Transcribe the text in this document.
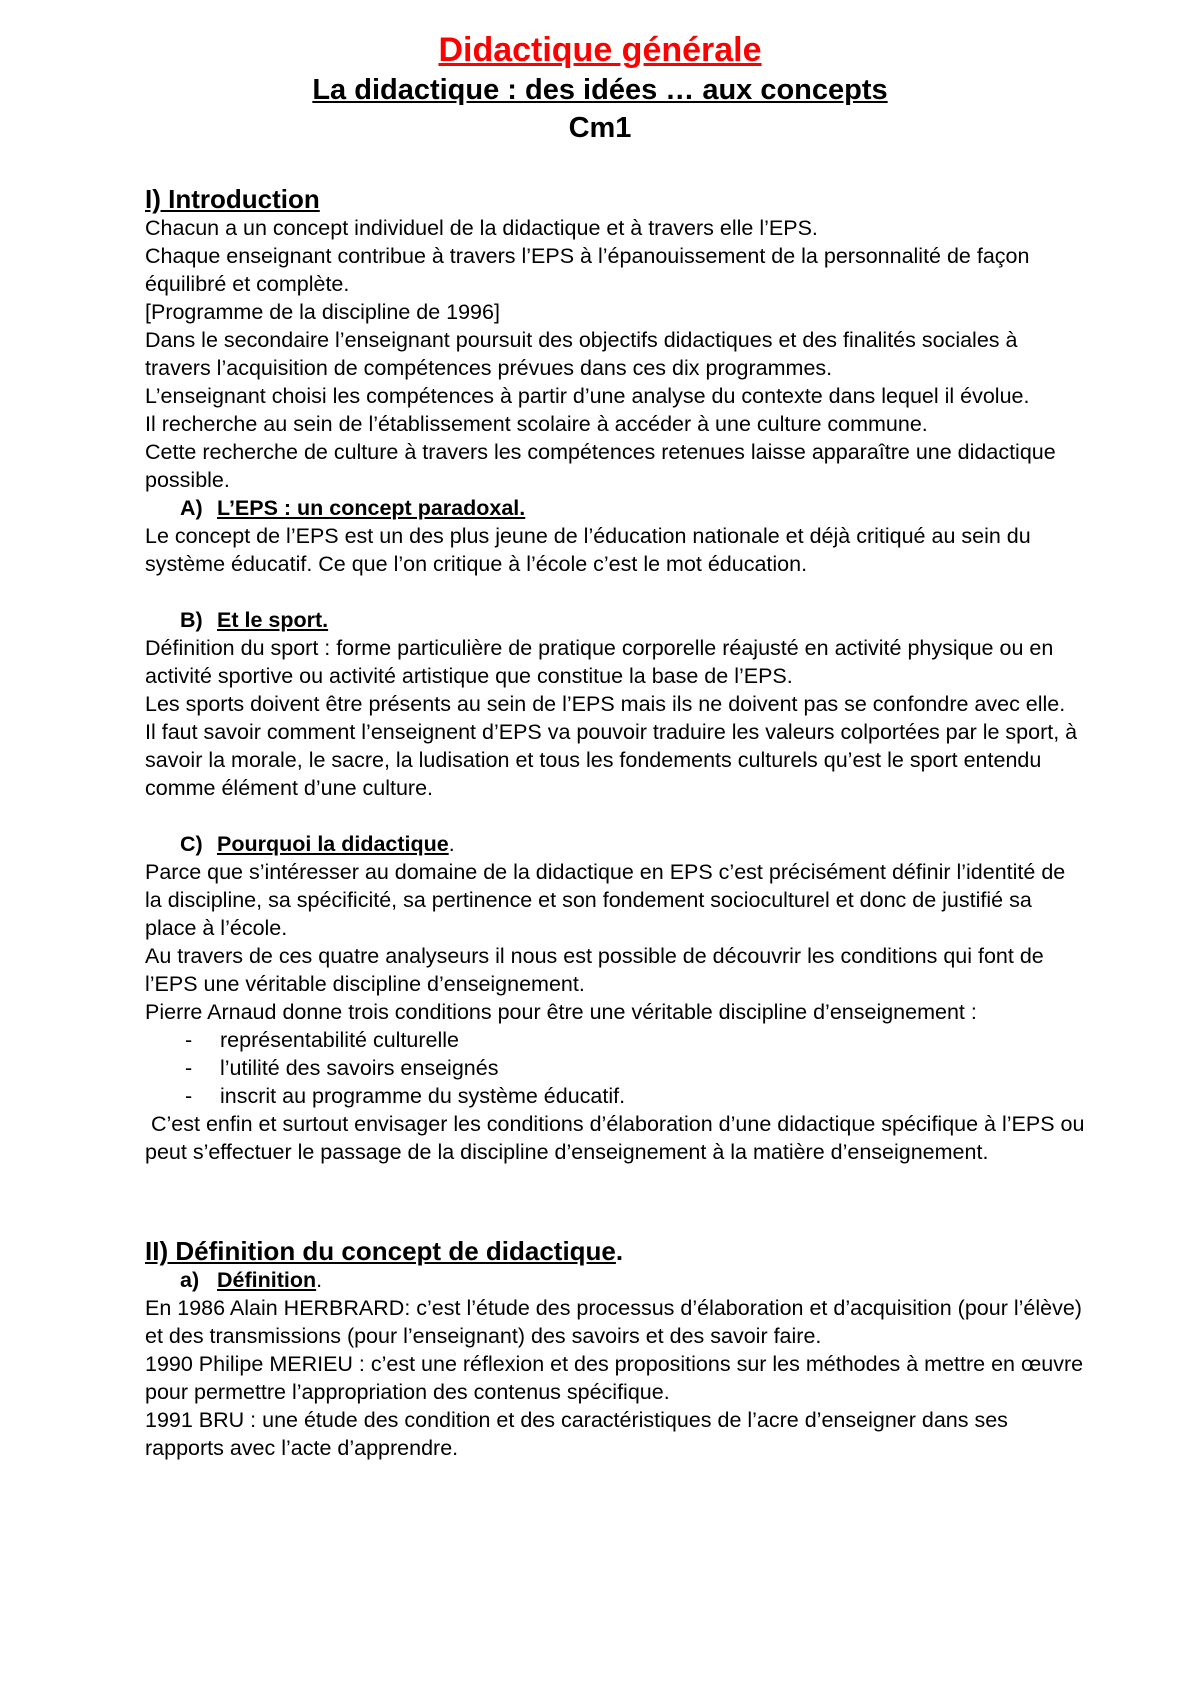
Didactique générale
La didactique : des idées … aux concepts
Cm1

I) Introduction

Chacun a un concept individuel de la didactique et à travers elle l’EPS.

Chaque enseignant contribue à travers l’EPS à l’épanouissement de la personnalité de façon équilibré et complète.

[Programme de la discipline de 1996]

Dans le secondaire l’enseignant poursuit des objectifs didactiques et des finalités sociales à travers l’acquisition de compétences prévues dans ces dix programmes.

L’enseignant choisi les compétences à partir d’une analyse du contexte dans lequel il évolue.

Il recherche au sein de l’établissement scolaire à accéder à une culture commune.

Cette recherche de culture à travers les compétences retenues laisse apparaître une didactique possible.

A) L’EPS : un concept paradoxal.

Le concept de l’EPS est un des plus jeune de l’éducation nationale et déjà critiqué au sein du système éducatif. Ce que l’on critique à l’école c’est le mot éducation.

B) Et le sport.

Définition du sport : forme particulière de pratique corporelle réajusté en activité physique ou en activité sportive ou activité artistique que constitue la base de l’EPS.

Les sports doivent être présents au sein de l’EPS mais ils ne doivent pas se confondre avec elle.

Il faut savoir comment l’enseignent d’EPS va pouvoir traduire les valeurs colportées par le sport, à savoir la morale, le sacre, la ludisation et tous les fondements culturels qu’est le sport entendu comme élément d’une culture.

C) Pourquoi la didactique.

Parce que s’intéresser au domaine de la didactique en EPS c’est précisément définir l’identité de la discipline, sa spécificité, sa pertinence et son fondement socioculturel et donc de justifié sa place à l’école.

Au travers de ces quatre analyseurs il nous est possible de découvrir les conditions qui font de l’EPS une véritable discipline d’enseignement.

Pierre Arnaud donne trois conditions pour être une véritable discipline d’enseignement :

- représentabilité culturelle

- l’utilité des savoirs enseignés

- inscrit au programme du système éducatif.

C’est enfin et surtout envisager les conditions d’élaboration d’une didactique spécifique à l’EPS ou peut s’effectuer le passage de la discipline d’enseignement à la matière d’enseignement.

II) Définition du concept de didactique.

a) Définition.

En 1986 Alain HERBRARD: c’est l’étude des processus d’élaboration et d’acquisition (pour l’élève) et des transmissions (pour l’enseignant) des savoirs et des savoir faire.

1990 Philipe MERIEU : c’est une réflexion et des propositions sur les méthodes à mettre en œuvre pour permettre l’appropriation des contenus spécifique.

1991 BRU : une étude des condition et des caractéristiques de l’acre d’enseigner dans ses rapports avec l’acte d’apprendre.
